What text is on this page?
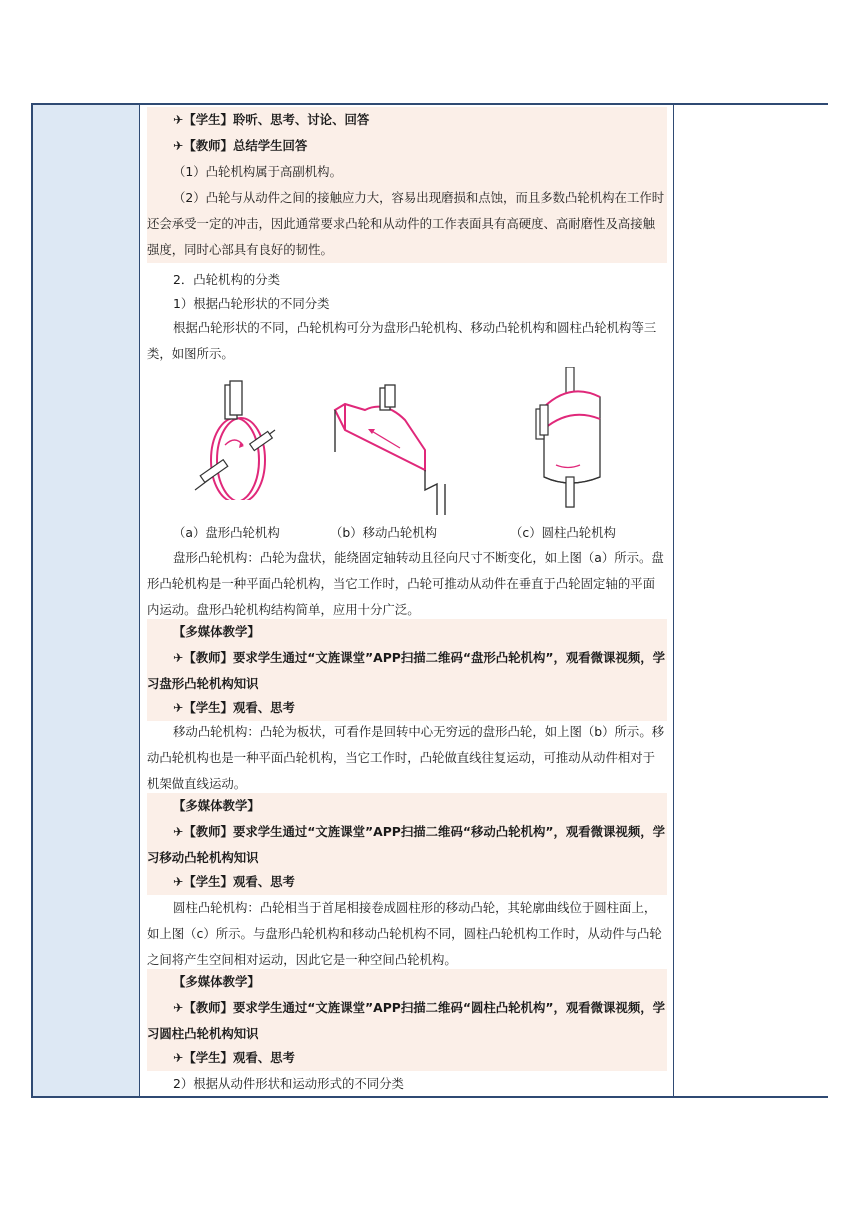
✈【学生】聆听、思考、讨论、回答

✈【教师】总结学生回答

（1）凸轮机构属于高副机构。

（2）凸轮与从动件之间的接触应力大，容易出现磨损和点蚀，而且多数凸轮机构在工作时还会承受一定的冲击，因此通常要求凸轮和从动件的工作表面具有高硬度、高耐磨性及高接触强度，同时心部具有良好的韧性。

2．凸轮机构的分类

1）根据凸轮形状的不同分类

根据凸轮形状的不同，凸轮机构可分为盘形凸轮机构、移动凸轮机构和圆柱凸轮机构等三类，如图所示。

（a）盘形凸轮机构	（b）移动凸轮机构	（c）圆柱凸轮机构

盘形凸轮机构：凸轮为盘状，能绕固定轴转动且径向尺寸不断变化，如上图（a）所示。盘形凸轮机构是一种平面凸轮机构，当它工作时，凸轮可推动从动件在垂直于凸轮固定轴的平面内运动。盘形凸轮机构结构简单，应用十分广泛。

【多媒体教学】

✈【教师】要求学生通过“文旌课堂”APP扫描二维码“盘形凸轮机构”，观看微课视频，学习盘形凸轮机构知识

✈【学生】观看、思考

移动凸轮机构：凸轮为板状，可看作是回转中心无穷远的盘形凸轮，如上图（b）所示。移动凸轮机构也是一种平面凸轮机构，当它工作时，凸轮做直线往复运动，可推动从动件相对于机架做直线运动。

【多媒体教学】

✈【教师】要求学生通过“文旌课堂”APP扫描二维码“移动凸轮机构”，观看微课视频，学习移动凸轮机构知识

✈【学生】观看、思考

圆柱凸轮机构：凸轮相当于首尾相接卷成圆柱形的移动凸轮，其轮廓曲线位于圆柱面上，如上图（c）所示。与盘形凸轮机构和移动凸轮机构不同，圆柱凸轮机构工作时，从动件与凸轮之间将产生空间相对运动，因此它是一种空间凸轮机构。

【多媒体教学】

✈【教师】要求学生通过“文旌课堂”APP扫描二维码“圆柱凸轮机构”，观看微课视频，学习圆柱凸轮机构知识

✈【学生】观看、思考

2）根据从动件形状和运动形式的不同分类
